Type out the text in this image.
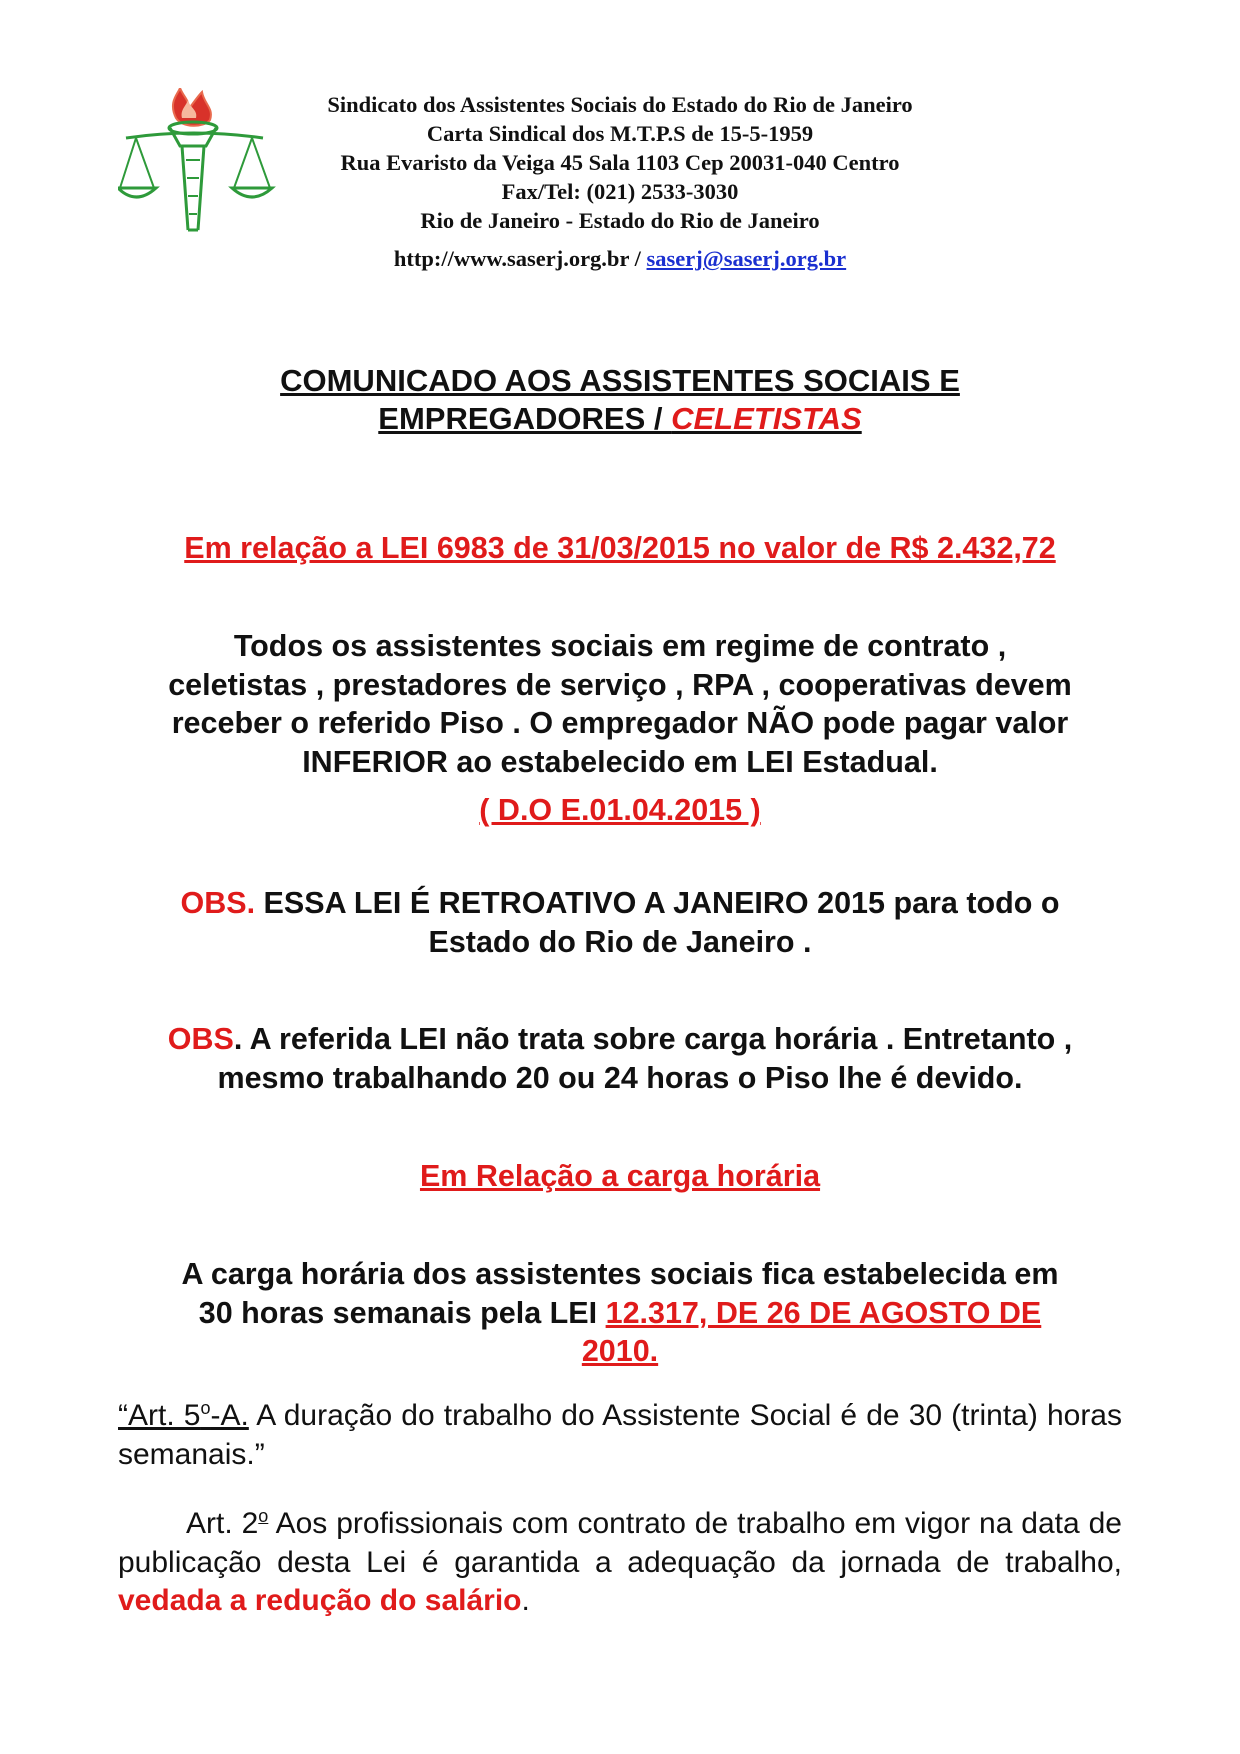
Sindicato dos Assistentes Sociais do Estado do Rio de Janeiro
Carta Sindical dos M.T.P.S de 15-5-1959
Rua Evaristo da Veiga 45 Sala 1103 Cep 20031-040 Centro
Fax/Tel: (021) 2533-3030
Rio de Janeiro - Estado do Rio de Janeiro
http://www.saserj.org.br / saserj@saserj.org.br
COMUNICADO AOS ASSISTENTES SOCIAIS E
EMPREGADORES / CELETISTAS
Em relação a LEI 6983 de 31/03/2015 no valor de R$ 2.432,72
Todos os assistentes sociais em regime de contrato ,
celetistas , prestadores de serviço , RPA , cooperativas devem
receber o referido Piso . O empregador NÃO pode pagar valor
INFERIOR ao estabelecido em LEI Estadual.
( D.O E.01.04.2015 )
OBS. ESSA LEI É RETROATIVO A JANEIRO 2015 para todo o
Estado do Rio de Janeiro .
OBS. A referida LEI não trata sobre carga horária . Entretanto ,
mesmo trabalhando 20 ou 24 horas o Piso lhe é devido.
Em Relação a carga horária
A carga horária dos assistentes sociais fica estabelecida em
30 horas semanais pela LEI 12.317, DE 26 DE AGOSTO DE
2010.
“Art. 5$^o$-A. A duração do trabalho do Assistente Social é de 30 (trinta) horas semanais.”
Art. 2$^o$ Aos profissionais com contrato de trabalho em vigor na data de publicação desta Lei é garantida a adequação da jornada de trabalho, vedada a redução do salário.
